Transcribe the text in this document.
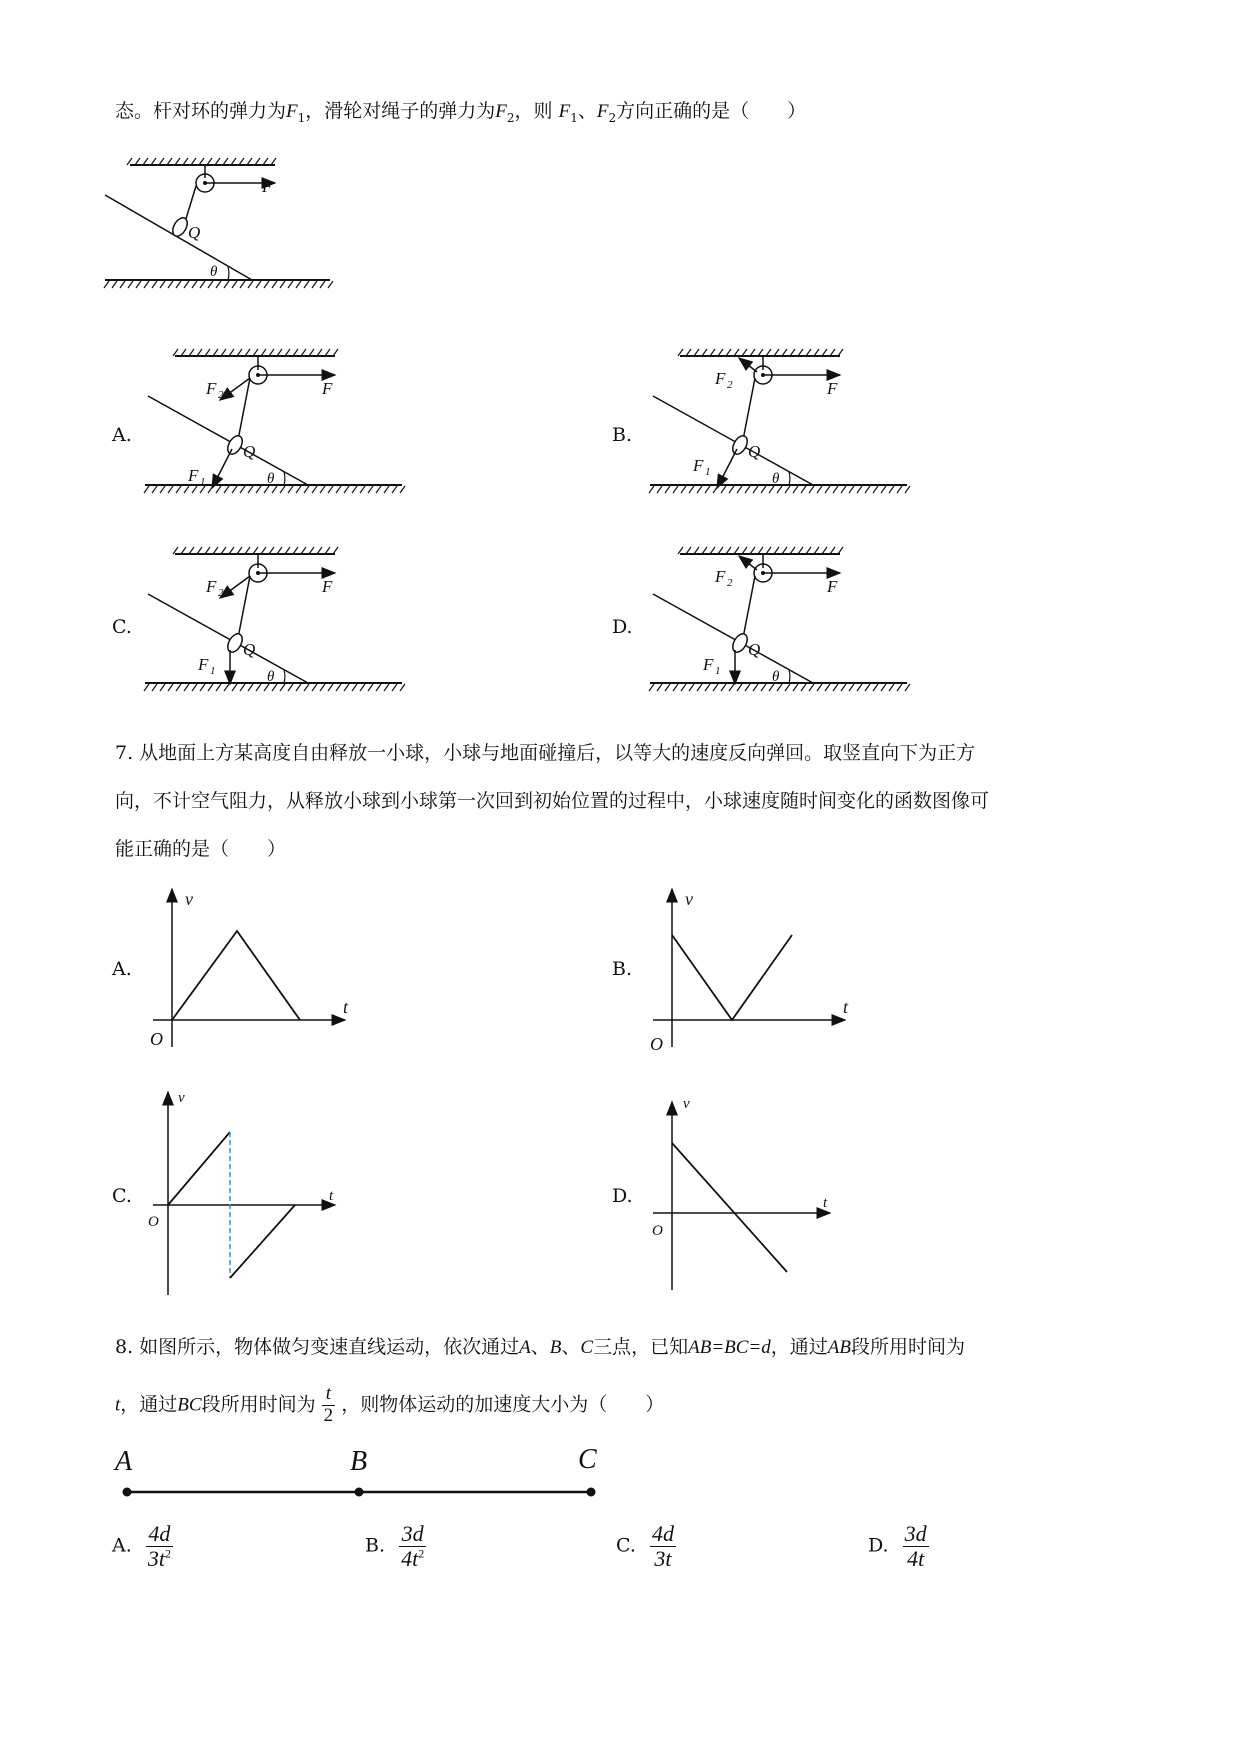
态。杆对环的弹力为$F_1$，滑轮对绳子的弹力为$F_2$，则 $F_1$、$F_2$方向正确的是（　　）
F
Q
θ
A.	B.
C.	D.
F
F 2
Q
F 1	θ
F
F 2
Q
F 1	θ
F
F 2
Q
F 1	θ
F
F 2
Q
F 1	θ
7. 从地面上方某高度自由释放一小球，小球与地面碰撞后，以等大的速度反向弹回。取竖直向下为正方
向，不计空气阻力，从释放小球到小球第一次回到初始位置的过程中，小球速度随时间变化的函数图像可
能正确的是（　　）
A.	B.
C.	D.
v
t
O
v
t
O
v
t
O
v
t
O
8. 如图所示，物体做匀变速直线运动，依次通过A、B、C三点，已知AB=BC=d，通过AB段所用时间为
t，通过BC段所用时间为 $\frac{t}{2}$ ，则物体运动的加速度大小为（　　）
A	B	C
A. $\frac{4d}{3t^2}$	B. $\frac{3d}{4t^2}$	C. $\frac{4d}{3t}$	D. $\frac{3d}{4t}$
